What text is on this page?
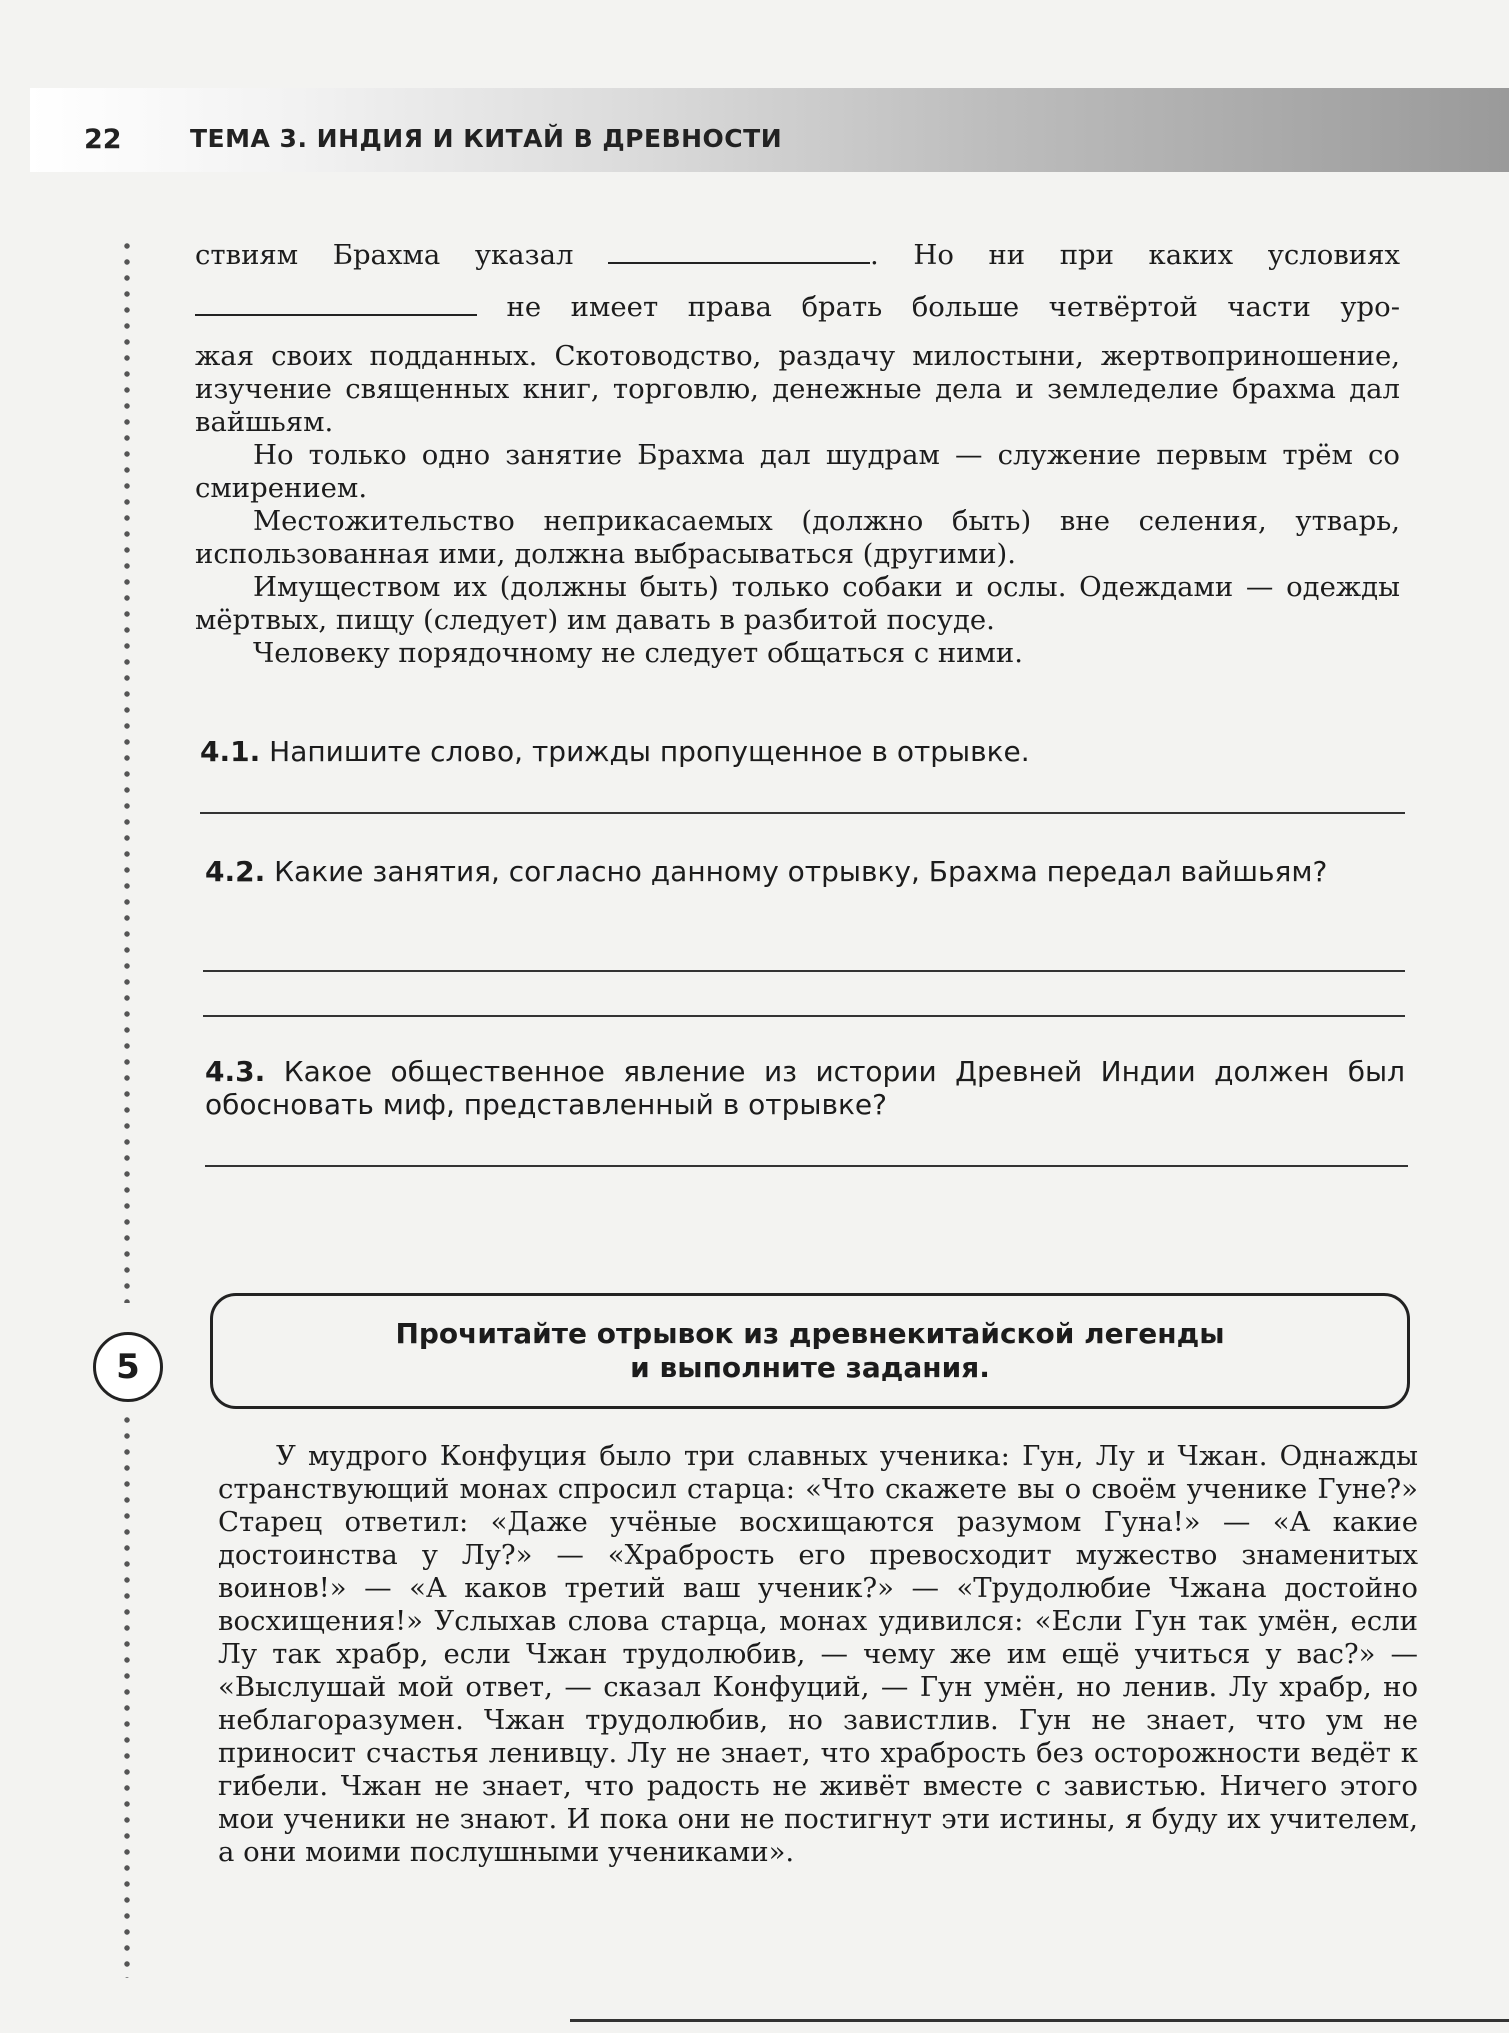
22	ТЕМА 3. ИНДИЯ И КИТАЙ В ДРЕВНОСТИ

ствиям Брахма указал	. Но ни при каких условиях

не имеет права брать больше четвёртой части уро-

жая своих подданных. Скотоводство, раздачу милостыни, жертвоприношение, изучение священных книг, торговлю, денежные дела и земледелие брахма дал вайшьям.

Но только одно занятие Брахма дал шудрам — служение первым трём со смирением.

Местожительство неприкасаемых (должно быть) вне селения, утварь, использованная ими, должна выбрасываться (другими).

Имуществом их (должны быть) только собаки и ослы. Одеждами — одежды мёртвых, пищу (следует) им давать в разбитой посуде.

Человеку порядочному не следует общаться с ними.

4.1. Напишите слово, трижды пропущенное в отрывке.
4.2. Какие занятия, согласно данному отрывку, Брахма передал вайшьям?
4.3. Какое общественное явление из истории Древней Индии должен был обосновать миф, представленный в отрывке?
5
Прочитайте отрывок из древнекитайской легенды
и выполните задания.

У мудрого Конфуция было три славных ученика: Гун, Лу и Чжан. Однажды странствующий монах спросил старца: «Что скажете вы о своём ученике Гуне?» Старец ответил: «Даже учёные восхищаются разумом Гуна!» — «А какие достоинства у Лу?» — «Храбрость его превосходит мужество знаменитых воинов!» — «А каков третий ваш ученик?» — «Трудолюбие Чжана достойно восхищения!» Услыхав слова старца, монах удивился: «Если Гун так умён, если Лу так храбр, если Чжан трудолюбив, — чему же им ещё учиться у вас?» — «Выслушай мой ответ, — сказал Конфуций, — Гун умён, но ленив. Лу храбр, но неблагоразумен. Чжан трудолюбив, но завистлив. Гун не знает, что ум не приносит счастья ленивцу. Лу не знает, что храбрость без осторожности ведёт к гибели. Чжан не знает, что радость не живёт вместе с завистью. Ничего этого мои ученики не знают. И пока они не постигнут эти истины, я буду их учителем, а они моими послушными учениками».
